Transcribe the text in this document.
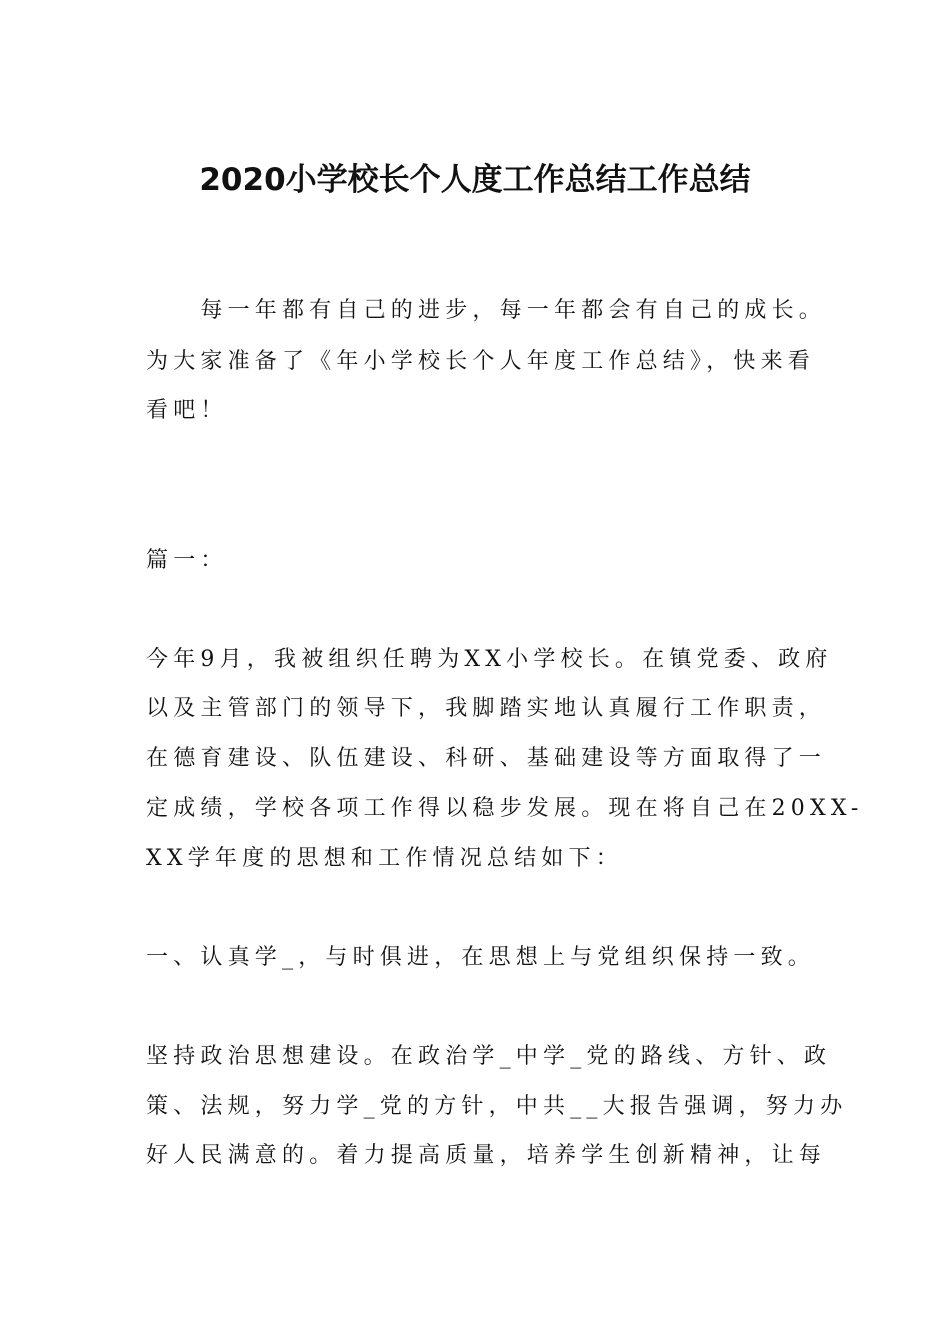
2020小学校长个人度工作总结工作总结
　　每一年都有自己的进步，每一年都会有自己的成长。
为大家准备了《年小学校长个人年度工作总结》，快来看
看吧！
篇一：
今年9月，我被组织任聘为XX小学校长。在镇党委、政府
以及主管部门的领导下，我脚踏实地认真履行工作职责，
在德育建设、队伍建设、科研、基础建设等方面取得了一
定成绩，学校各项工作得以稳步发展。现在将自己在20XX-
XX学年度的思想和工作情况总结如下：
一、认真学_，与时俱进，在思想上与党组织保持一致。
坚持政治思想建设。在政治学_中学_党的路线、方针、政
策、法规，努力学_党的方针，中共__大报告强调，努力办
好人民满意的。着力提高质量，培养学生创新精神，让每
